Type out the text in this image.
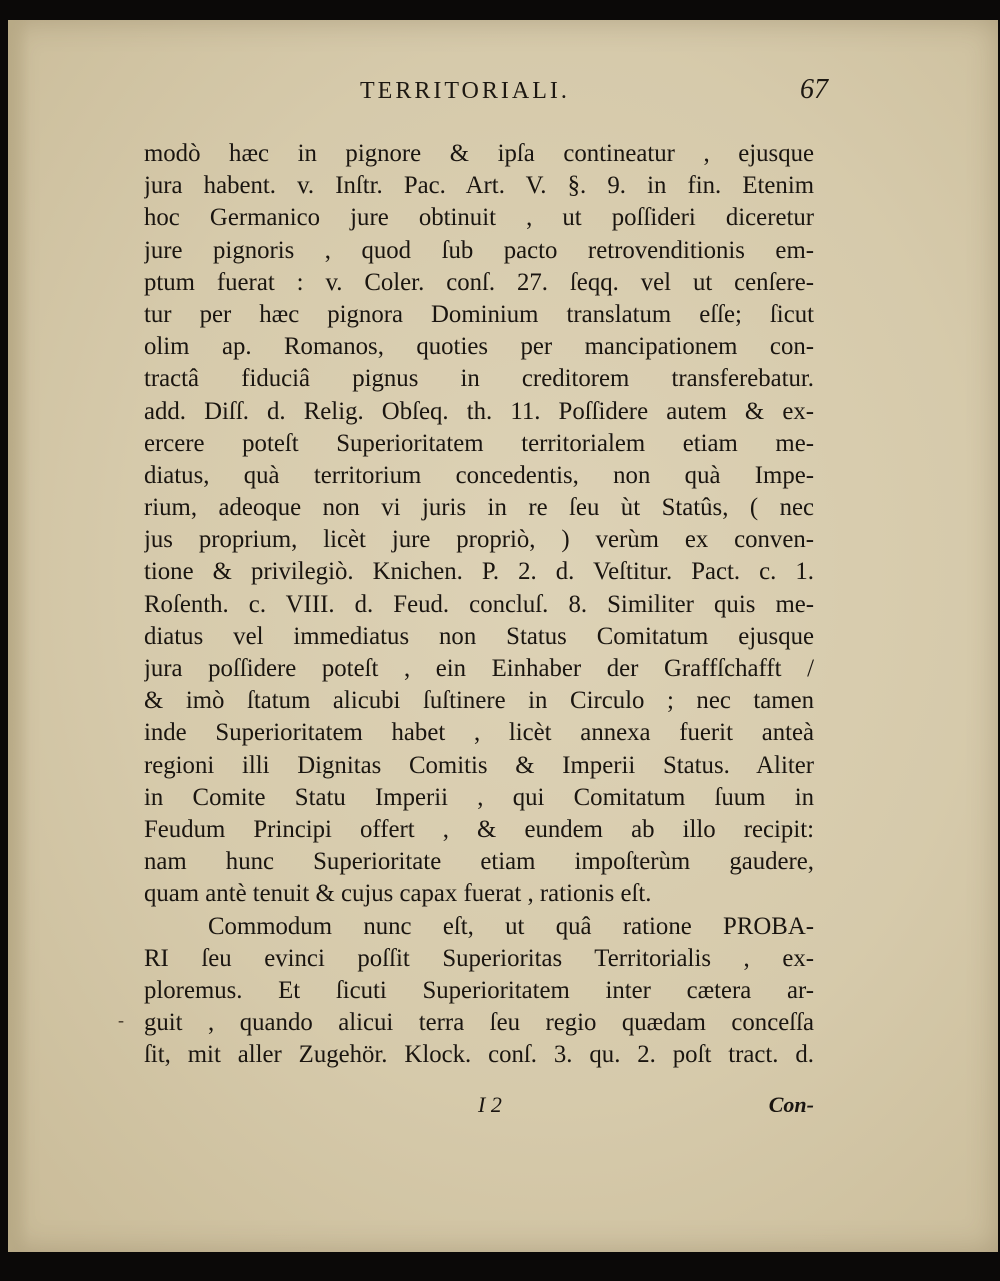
TERRITORIALI.	67
-
modò hæc in pignore & ipſa contineatur , ejusque
jura habent. v. Inſtr. Pac. Art. V. §. 9. in fin. Etenim
hoc Germanico jure obtinuit , ut poſſideri diceretur
jure pignoris , quod ſub pacto retrovenditionis em-
ptum fuerat : v. Coler. conſ. 27. ſeqq. vel ut cenſere-
tur per hæc pignora Dominium translatum eſſe; ſicut
olim ap. Romanos, quoties per mancipationem con-
tractâ fiduciâ pignus in creditorem transferebatur.
add. Diſſ. d. Relig. Obſeq. th. 11. Poſſidere autem & ex-
ercere poteſt Superioritatem territorialem etiam me-
diatus, quà territorium concedentis, non quà Impe-
rium, adeoque non vi juris in re ſeu ùt Statûs, ( nec
jus proprium, licèt jure propriò, ) verùm ex conven-
tione & privilegiò. Knichen. P. 2. d. Veſtitur. Pact. c. 1.
Roſenth. c. VIII. d. Feud. concluſ. 8. Similiter quis me-
diatus vel immediatus non Status Comitatum ejusque
jura poſſidere poteſt , ein Einhaber der Graffſchafft /
& imò ſtatum alicubi ſuſtinere in Circulo ; nec tamen
inde Superioritatem habet , licèt annexa fuerit anteà
regioni illi Dignitas Comitis & Imperii Status. Aliter
in Comite Statu Imperii , qui Comitatum ſuum in
Feudum Principi offert , & eundem ab illo recipit:
nam hunc Superioritate etiam impoſterùm gaudere,
quam antè tenuit & cujus capax fuerat , rationis eſt.
Commodum nunc eſt, ut quâ ratione PROBA-
RI ſeu evinci poſſit Superioritas Territorialis , ex-
ploremus. Et ſicuti Superioritatem inter cætera ar-
guit , quando alicui terra ſeu regio quædam conceſſa
ſit, mit aller Zugehör. Klock. conſ. 3. qu. 2. poſt tract. d.
I 2	Con-
